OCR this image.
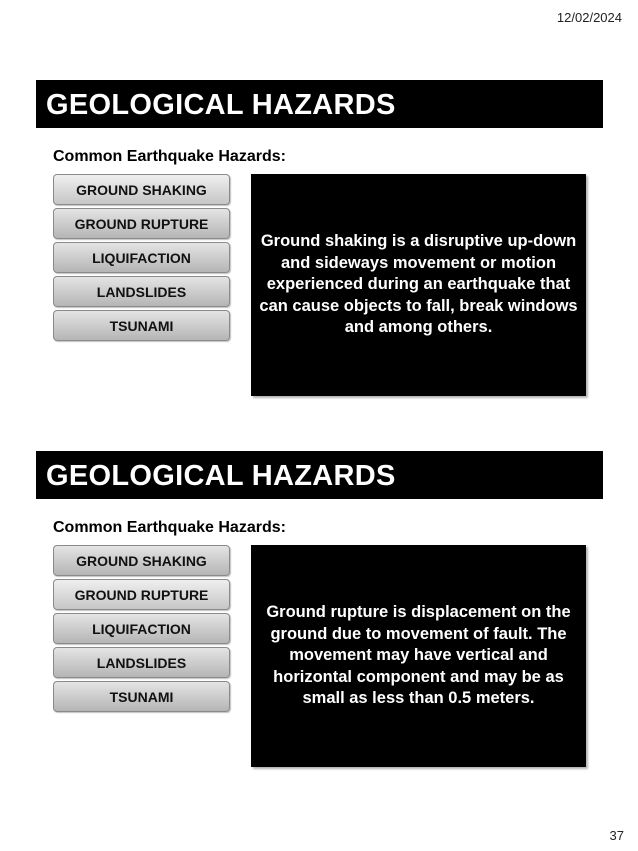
12/02/2024
GEOLOGICAL HAZARDS
Common Earthquake Hazards:
GROUND SHAKING
GROUND RUPTURE
LIQUIFACTION
LANDSLIDES
TSUNAMI
Ground shaking is a disruptive up-down and sideways movement or motion experienced during an earthquake that can cause objects to fall, break windows and among others.
GEOLOGICAL HAZARDS
Common Earthquake Hazards:
GROUND SHAKING
GROUND RUPTURE
LIQUIFACTION
LANDSLIDES
TSUNAMI
Ground rupture is displacement on the ground due to movement of fault. The movement may have vertical and horizontal component and may be as small as less than 0.5 meters.
37
